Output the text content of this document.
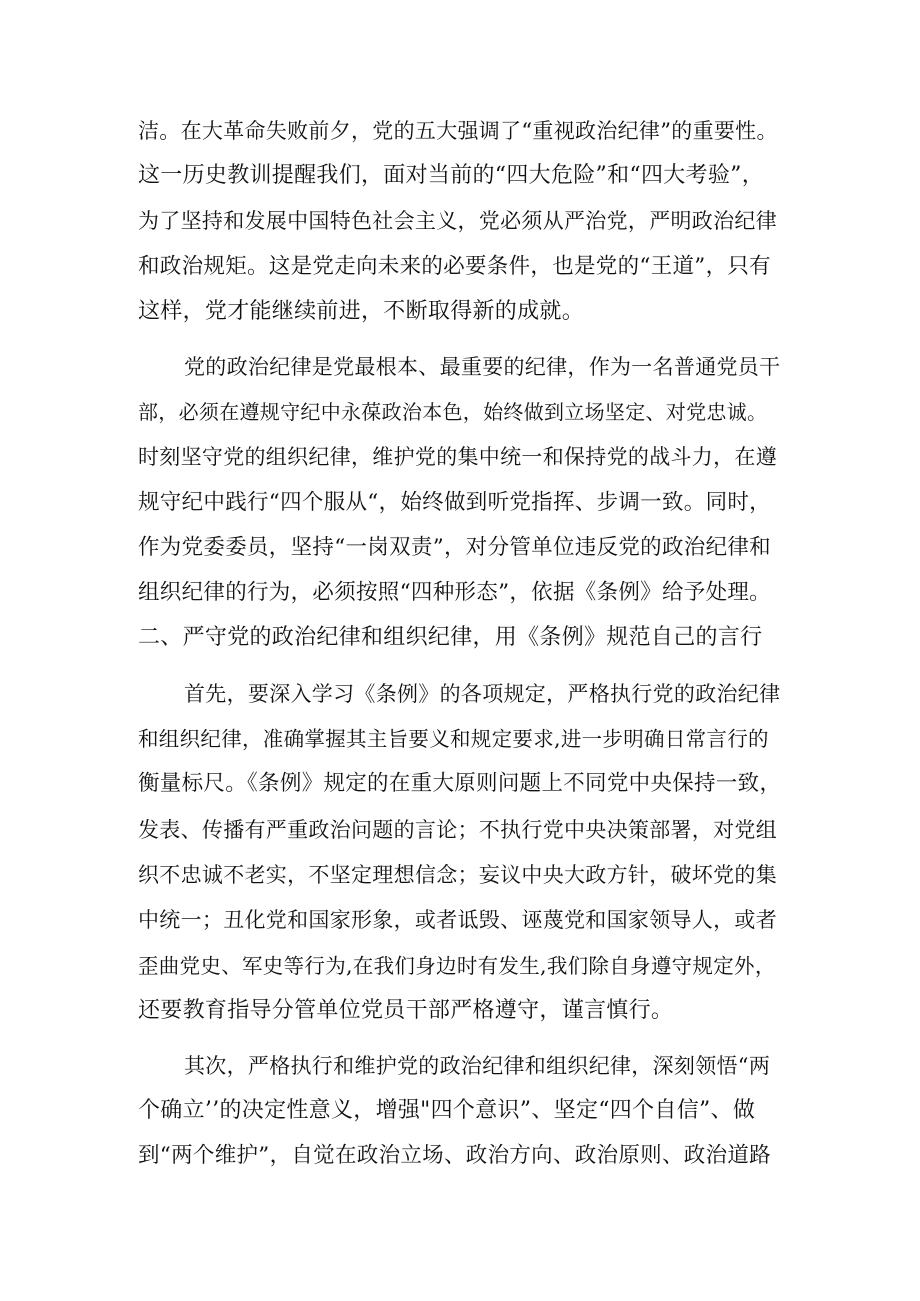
洁。在大革命失败前夕，党的五大强调了“重视政治纪律”的重要性。
这一历史教训提醒我们，面对当前的“四大危险”和“四大考验”，
为了坚持和发展中国特色社会主义，党必须从严治党，严明政治纪律
和政治规矩。这是党走向未来的必要条件，也是党的“王道”，只有
这样，党才能继续前进，不断取得新的成就。
党的政治纪律是党最根本、最重要的纪律，作为一名普通党员干
部，必须在遵规守纪中永葆政治本色，始终做到立场坚定、对党忠诚。
时刻坚守党的组织纪律，维护党的集中统一和保持党的战斗力，在遵
规守纪中践行“四个服从“，始终做到听党指挥、步调一致。同时，
作为党委委员，坚持“一岗双责”，对分管单位违反党的政治纪律和
组织纪律的行为，必须按照“四种形态”，依据《条例》给予处理。
二、严守党的政治纪律和组织纪律，用《条例》规范自己的言行
首先，要深入学习《条例》的各项规定，严格执行党的政治纪律
和组织纪律，准确掌握其主旨要义和规定要求,进一步明确日常言行的
衡量标尺。《条例》规定的在重大原则问题上不同党中央保持一致，
发表、传播有严重政治问题的言论；不执行党中央决策部署，对党组
织不忠诚不老实，不坚定理想信念；妄议中央大政方针，破坏党的集
中统一；丑化党和国家形象，或者诋毁、诬蔑党和国家领导人，或者
歪曲党史、军史等行为,在我们身边时有发生,我们除自身遵守规定外，
还要教育指导分管单位党员干部严格遵守，谨言慎行。
其次，严格执行和维护党的政治纪律和组织纪律，深刻领悟“两
个确立’’的决定性意义，增强"四个意识”、坚定“四个自信”、做
到“两个维护”，自觉在政治立场、政治方向、政治原则、政治道路
